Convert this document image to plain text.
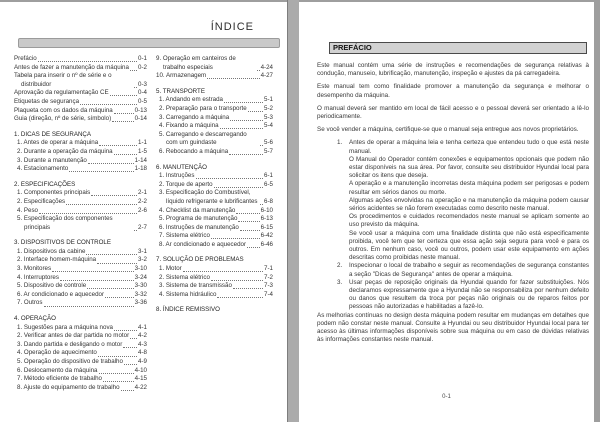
ÍNDICE
Prefácio	0-1
Antes de fazer a manutenção da máquina 0-2
Tabela para inserir o nº de série e o distribuidor	0-3
Aprovação da regulamentação CE	0-4
Etiquetas de segurança	0-5
Plaqueta com os dados da máquina	0-13
Guia (direção, nº de série, símbolo)	0-14
1. DICAS DE SEGURANÇA
1. Antes de operar a máquina	1-1
2. Durante a operação da máquina	1-5
3. Durante a manutenção	1-14
4. Estacionamento	1-18
2. ESPECIFICAÇÕES
1. Componentes principais	2-1
2. Especificações	2-2
4. Peso	2-6
5. Especificação dos componentes principais	2-7
3. DISPOSITIVOS DE CONTROLE
1. Dispositivos da cabine	3-1
2. Interface homem-máquina	3-2
3. Monitores	3-10
4. Interruptores	3-24
5. Dispositivo de controle	3-30
6. Ar condicionado e aquecedor	3-32
7. Outros	3-36
4. OPERAÇÃO
1. Sugestões para a máquina nova	4-1
2. Verificar antes de dar partida no motor 4-2
3. Dando partida e desligando o motor	4-3
4. Operação de aquecimento	4-8
5. Operação do dispositivo de trabalho 4-9
6. Deslocamento da máquina	4-10
7. Método eficiente de trabalho	4-15
8. Ajuste do equipamento de trabalho 4-22
9. Operação em canteiros de trabalho especiais	4-24
10. Armazenagem	4-27
5. TRANSPORTE
1. Andando em estrada	5-1
2. Preparação para o transporte	5-2
3. Carregando a máquina	5-3
4. Fixando a máquina	5-4
5. Carregando e descarregando com um guindaste	5-6
6. Rebocando a máquina	5-7
6. MANUTENÇÃO
1. Instruções	6-1
2. Torque de aperto	6-5
3. Especificação do Combustível, líquido refrigerante e lubrificantes 6-8
4. Checklist da manutenção	6-10
5. Programa de manutenção	6-13
6. Instruções de manutenção	6-15
7. Sistema elétrico	6-42
8. Ar condicionado e aquecedor 6-46
7. SOLUÇÃO DE PROBLEMAS
1. Motor	7-1
2. Sistema elétrico	7-2
3. Sistema de transmissão	7-3
4. Sistema hidráulico	7-4
8. ÍNDICE REMISSIVO
PREFÁCIO

Este manual contém uma série de instruções e recomendações de segurança relativas à condução, manuseio, lubrificação, manutenção, inspeção e ajustes da pá carregadeira.

Este manual tem como finalidade promover a manutenção da segurança e melhorar o desempenho da máquina.

O manual deverá ser mantido em local de fácil acesso e o pessoal deverá ser orientado a lê-lo periodicamente.

Se você vender a máquina, certifique-se que o manual seja entregue aos novos proprietários.

1.	Antes de operar a máquina leia e tenha certeza que entendeu tudo o que está neste manual.

O Manual do Operador contém conexões e equipamentos opcionais que podem não estar disponíveis na sua área. Por favor, consulte seu distribuidor Hyundai local para solicitar os itens que deseja.

A operação e a manutenção incorretas desta máquina podem ser perigosas e podem resultar em sérios danos ou morte.

Algumas ações envolvidas na operação e na manutenção da máquina podem causar sérios acidentes se não forem executadas como descrito neste manual.

Os procedimentos e cuidados recomendados neste manual se aplicam somente ao uso previsto da máquina.

Se você usar a máquina com uma finalidade distinta que não está especificamente proibida, você tem que ter certeza que essa ação seja segura para você e para os outros. Em nenhum caso, você ou outros, podem usar este equipamento em ações descritas como proibidas neste manual.

2.	Inspecionar o local de trabalho e seguir as recomendações de segurança constantes a seção "Dicas de Segurança" antes de operar a máquina.

3.	Usar peças de reposição originais da Hyundai quando for fazer substituições. Nós declaramos expressamente que a Hyundai não se responsabiliza por nenhum defeito ou danos que resultem da troca por peças não originais ou de reparos feitos por pessoas não autorizadas e habilitadas a fazê-lo.

As melhorias contínuas no design desta máquina podem resultar em mudanças em detalhes que podem não constar neste manual. Consulte a Hyundai ou seu distribuidor Hyundai local para ter acesso às últimas informações disponíveis sobre sua máquina ou em caso de dúvidas relativas às informações constantes neste manual.

0-1
